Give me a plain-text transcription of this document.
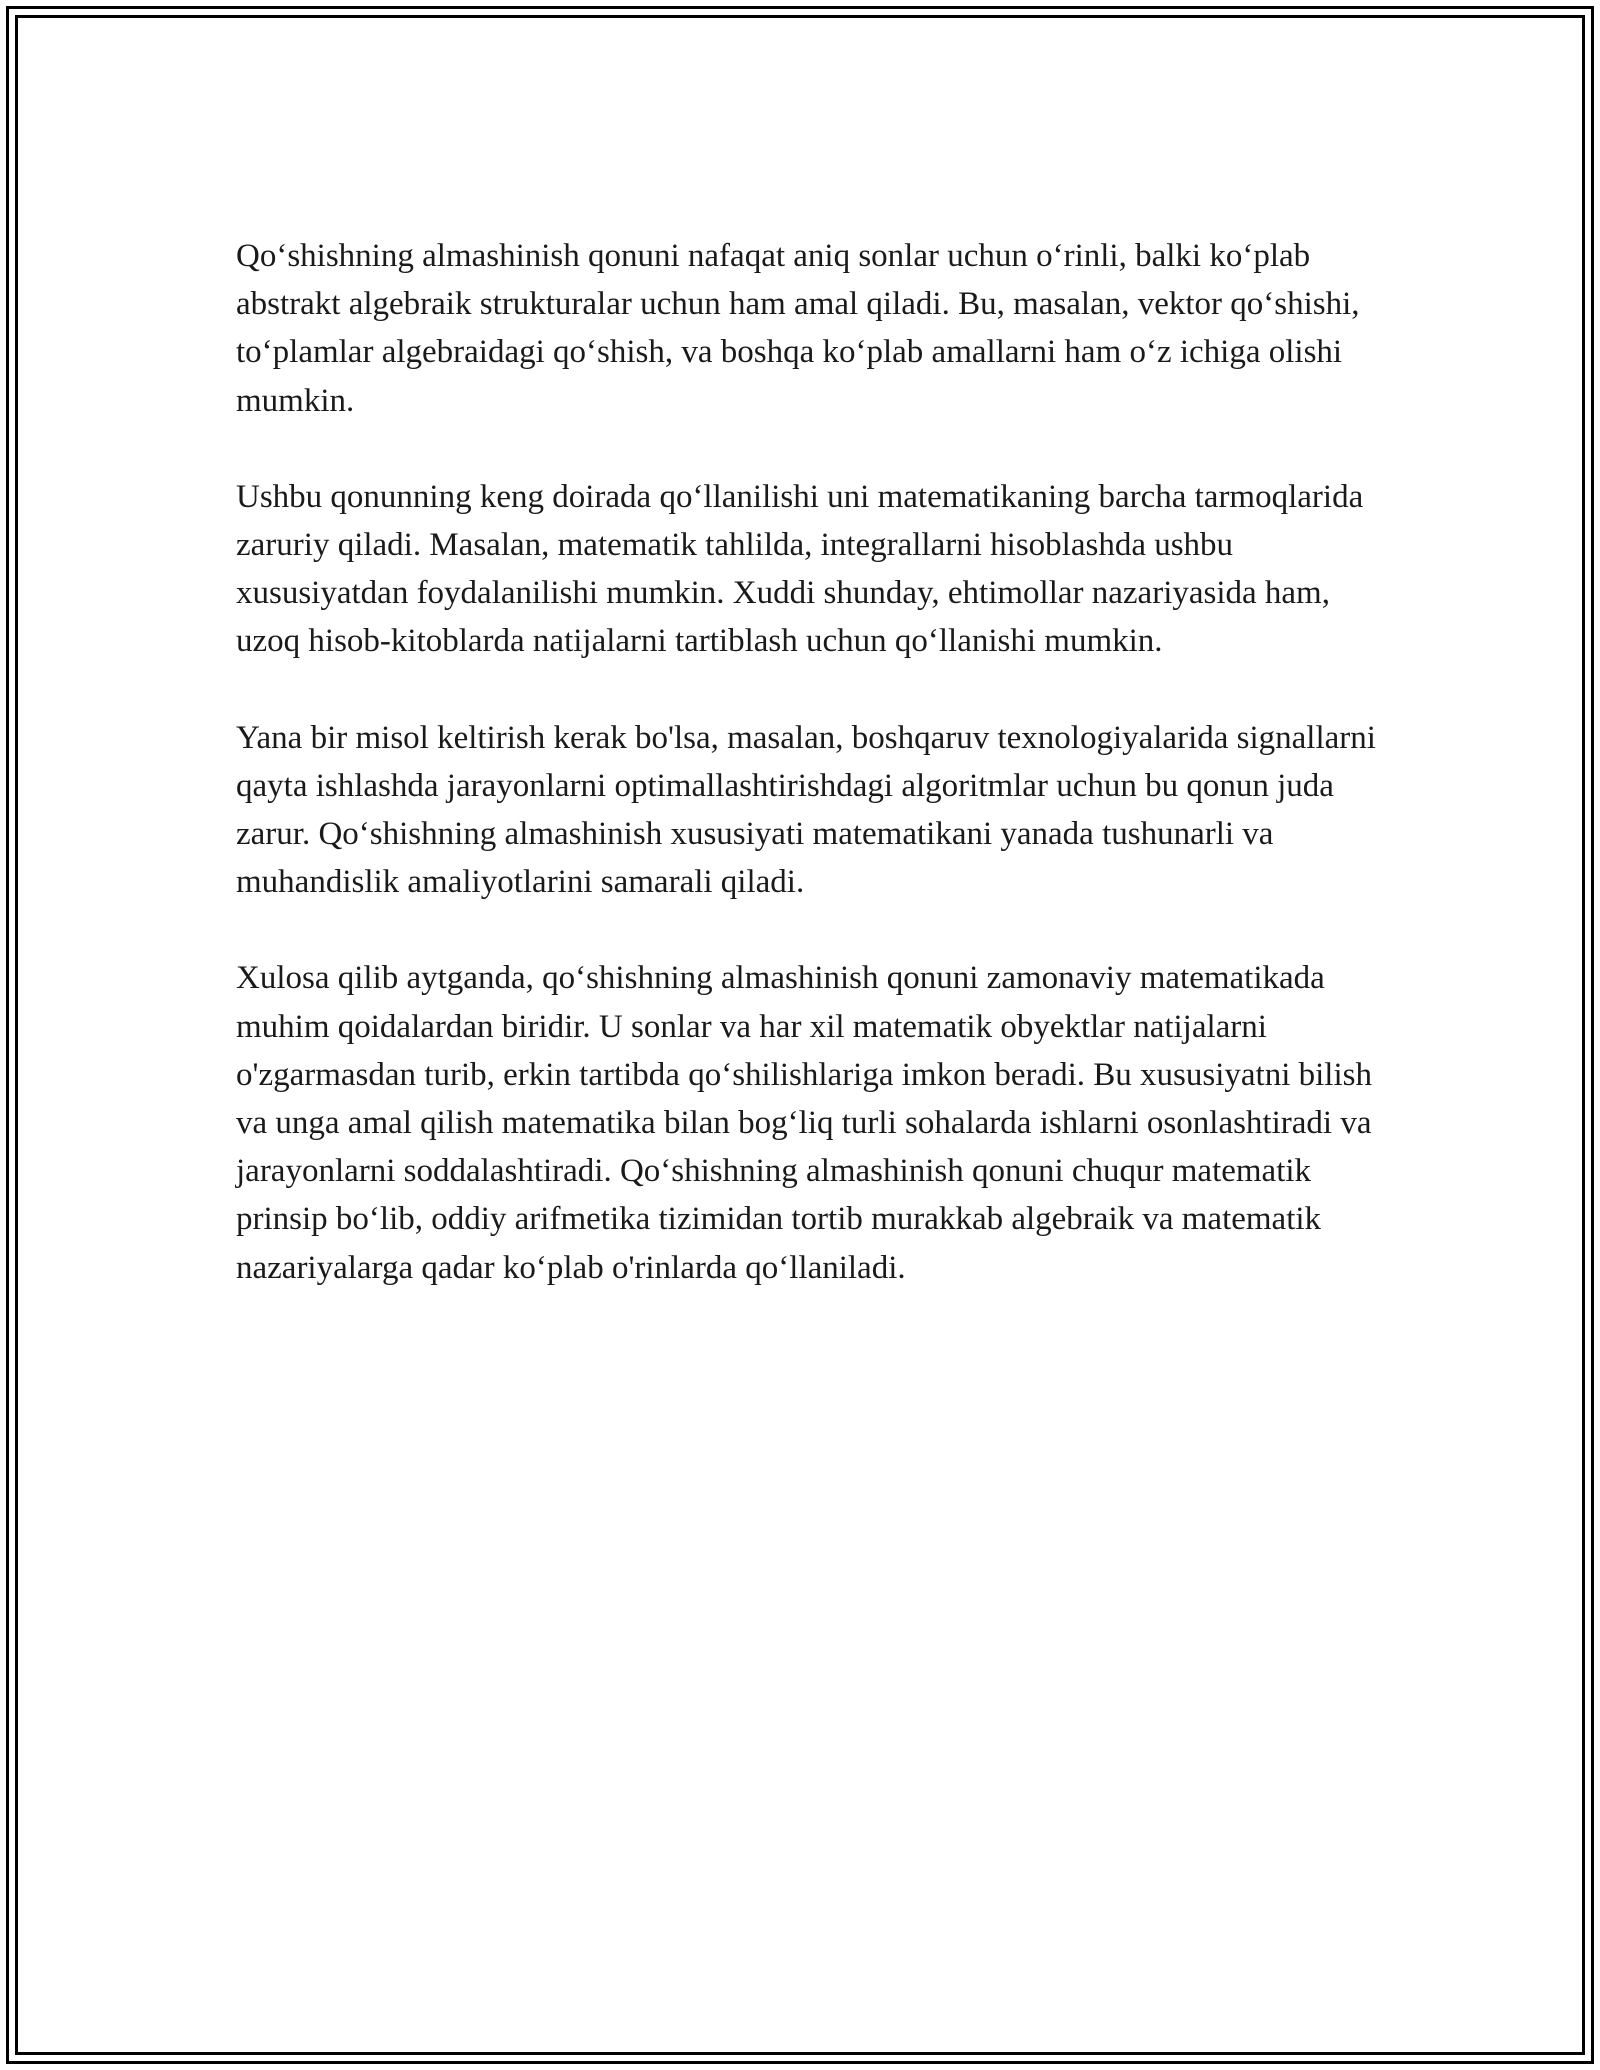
Qo‘shishning almashinish qonuni nafaqat aniq sonlar uchun o‘rinli, balki ko‘plab abstrakt algebraik strukturalar uchun ham amal qiladi. Bu, masalan, vektor qo‘shishi, to‘plamlar algebraidagi qo‘shish, va boshqa ko‘plab amallarni ham o‘z ichiga olishi mumkin.

Ushbu qonunning keng doirada qo‘llanilishi uni matematikaning barcha tarmoqlarida zaruriy qiladi. Masalan, matematik tahlilda, integrallarni hisoblashda ushbu xususiyatdan foydalanilishi mumkin. Xuddi shunday, ehtimollar nazariyasida ham, uzoq hisob-kitoblarda natijalarni tartiblash uchun qo‘llanishi mumkin.

Yana bir misol keltirish kerak bo'lsa, masalan, boshqaruv texnologiyalarida signallarni qayta ishlashda jarayonlarni optimallashtirishdagi algoritmlar uchun bu qonun juda zarur. Qo‘shishning almashinish xususiyati matematikani yanada tushunarli va muhandislik amaliyotlarini samarali qiladi.

Xulosa qilib aytganda, qo‘shishning almashinish qonuni zamonaviy matematikada muhim qoidalardan biridir. U sonlar va har xil matematik obyektlar natijalarni o'zgarmasdan turib, erkin tartibda qo‘shilishlariga imkon beradi. Bu xususiyatni bilish va unga amal qilish matematika bilan bog‘liq turli sohalarda ishlarni osonlashtiradi va jarayonlarni soddalashtiradi. Qo‘shishning almashinish qonuni chuqur matematik prinsip bo‘lib, oddiy arifmetika tizimidan tortib murakkab algebraik va matematik nazariyalarga qadar ko‘plab o'rinlarda qo‘llaniladi.
